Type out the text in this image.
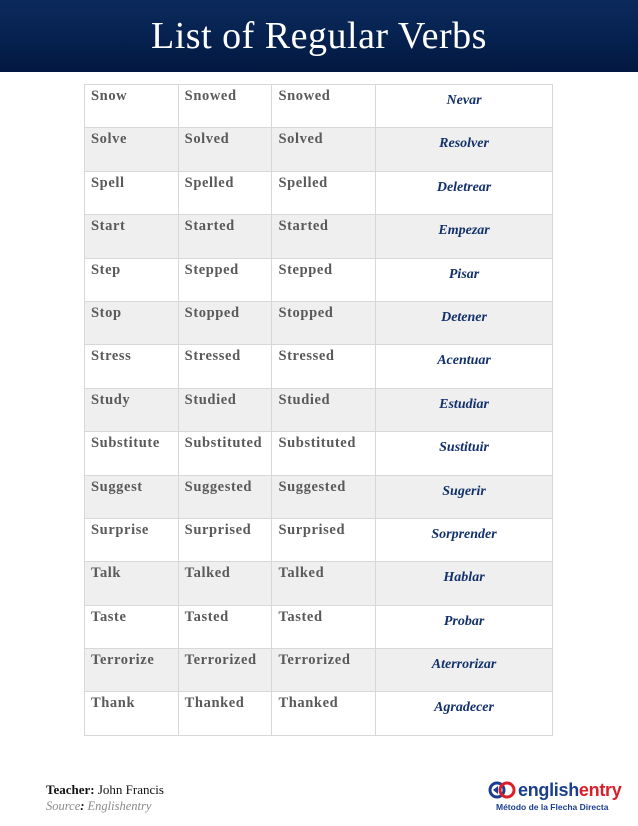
List of Regular Verbs
Snow	Snowed	Snowed	Nevar

Solve	Solved	Solved	Resolver

Spell	Spelled	Spelled	Deletrear

Start	Started	Started	Empezar

Step	Stepped	Stepped	Pisar

Stop	Stopped	Stopped	Detener

Stress	Stressed	Stressed	Acentuar

Study	Studied	Studied	Estudiar

Substitute	Substituted	Substituted	Sustituir

Suggest	Suggested	Suggested	Sugerir

Surprise	Surprised	Surprised	Sorprender

Talk	Talked	Talked	Hablar

Taste	Tasted	Tasted	Probar

Terrorize	Terrorized	Terrorized	Aterrorizar

Thank	Thanked	Thanked	Agradecer
Teacher: John Francis
Source: Englishentry
englishentry
Método de la Flecha Directa
